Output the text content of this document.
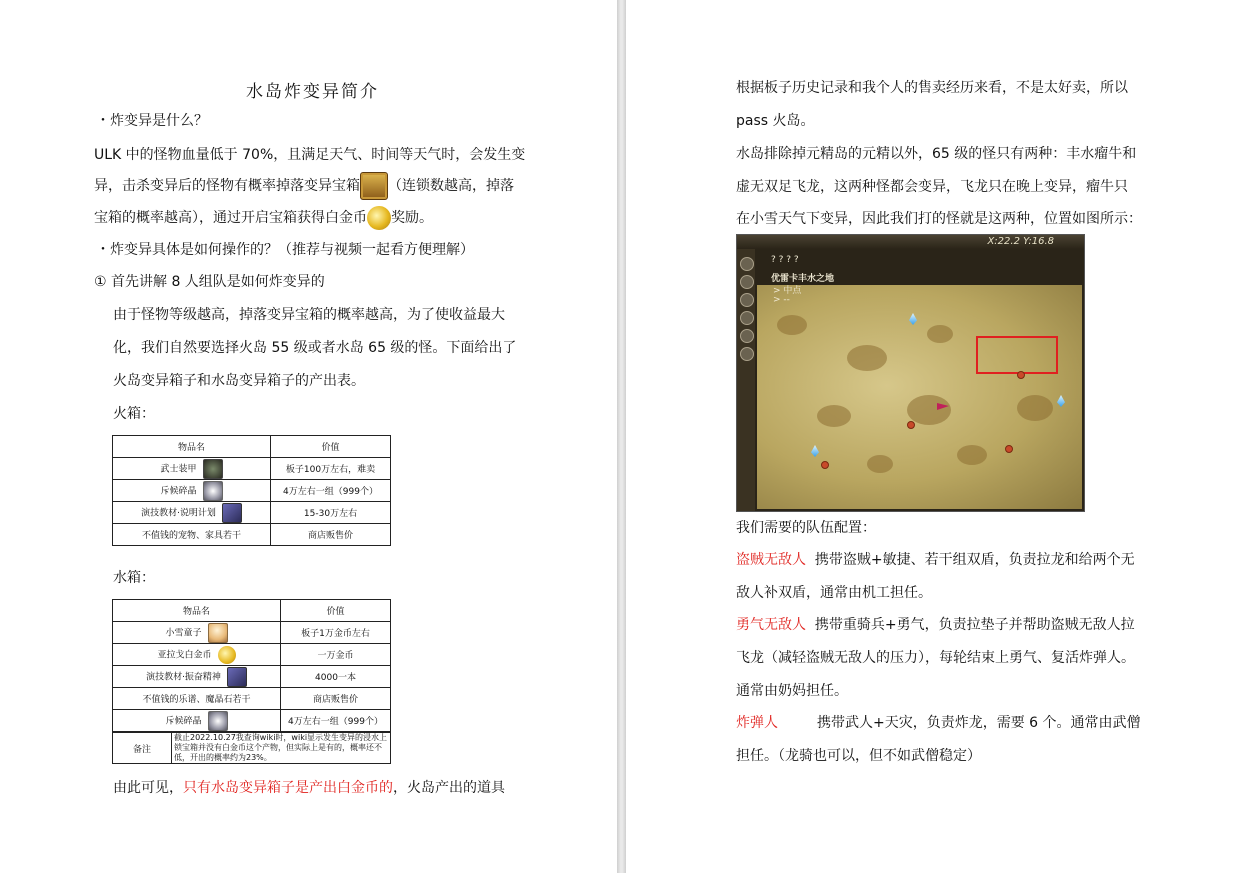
水岛炸变异简介
・炸变异是什么？
ULK 中的怪物血量低于 70%，且满足天气、时间等天气时，会发生变
异，击杀变异后的怪物有概率掉落变异宝箱 （连锁数越高，掉落
宝箱的概率越高），通过开启宝箱获得白金币 奖励。
・炸变异具体是如何操作的？（推荐与视频一起看方便理解）
① 首先讲解 8 人组队是如何炸变异的
由于怪物等级越高，掉落变异宝箱的概率越高，为了使收益最大
化，我们自然要选择火岛 55 级或者水岛 65 级的怪。下面给出了
火岛变异箱子和水岛变异箱子的产出表。
火箱：
物品名	价值
武士装甲	板子100万左右，难卖
斥候碎晶	4万左右一组（999个）
演技教材·说明计划	15-30万左右
不值钱的宠物、家具若干	商店贩售价
水箱：
物品名	价值
小雪童子	板子1万金币左右
亚拉戈白金币	一万金币
演技教材·振奋精神	4000一本
不值钱的乐谱、魔晶石若干	商店贩售价
斥候碎晶	4万左右一组（999个）
备注	截止2022.10.27我查询wiki时，wiki显示发生变异的浸水上锁宝箱并没有白金币这个产物，但实际上是有的，概率还不低，开出的概率约为23%。
由此可见，只有水岛变异箱子是产出白金币的，火岛产出的道具
根据板子历史记录和我个人的售卖经历来看，不是太好卖，所以
pass 火岛。
水岛排除掉元精岛的元精以外，65 级的怪只有两种：丰水瘤牛和
虚无双足飞龙，这两种怪都会变异，飞龙只在晚上变异，瘤牛只
在小雪天气下变异，因此我们打的怪就是这两种，位置如图所示：
X:22.2 Y:16.8
? ? ? ?
优雷卡丰水之地
> 中点
> --
我们需要的队伍配置：
盗贼无敌人 携带盗贼+敏捷、若干组双盾，负责拉龙和给两个无
敌人补双盾，通常由机工担任。
勇气无敌人 携带重骑兵+勇气，负责拉垫子并帮助盗贼无敌人拉
飞龙（减轻盗贼无敌人的压力），每轮结束上勇气、复活炸弹人。
通常由奶妈担任。
炸弹人	携带武人+天灾，负责炸龙，需要 6 个。通常由武僧
担任。（龙骑也可以，但不如武僧稳定）
